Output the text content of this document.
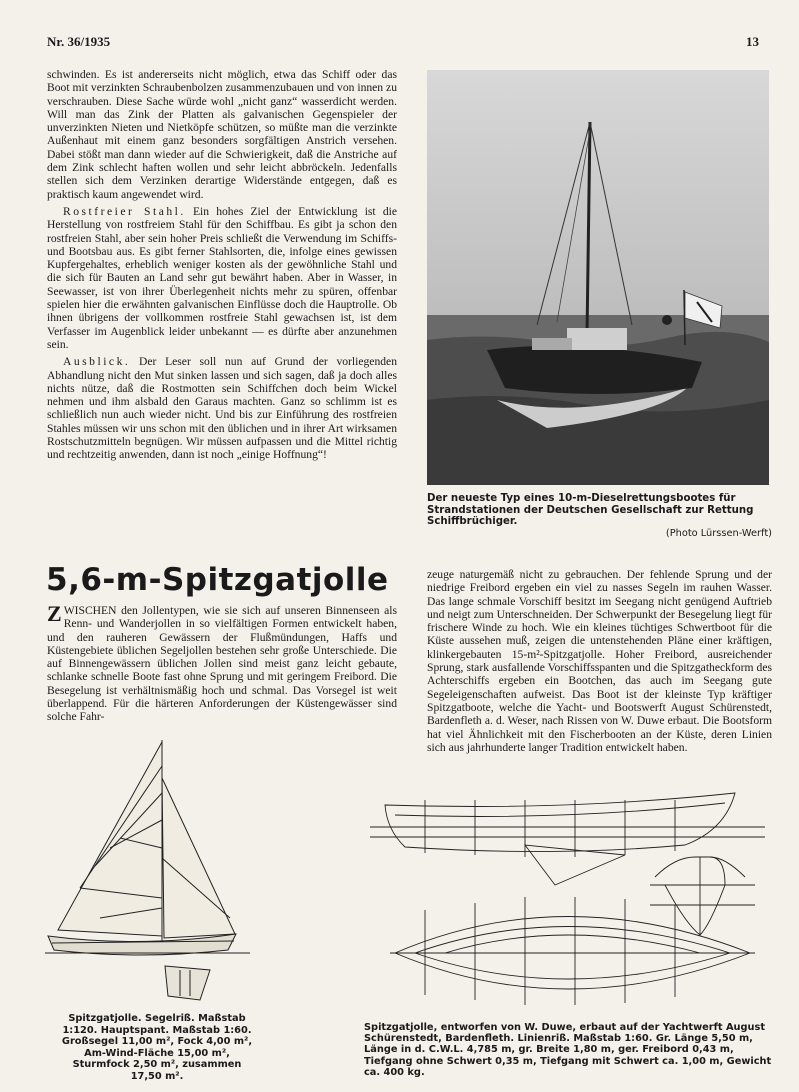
Nr. 36/1935	13

schwinden. Es ist andererseits nicht möglich, etwa das Schiff oder das Boot mit verzinkten Schraubenbolzen zusammenzubauen und von innen zu verschrauben. Diese Sache würde wohl „nicht ganz“ wasserdicht werden. Will man das Zink der Platten als galvanischen Gegenspieler der unverzinkten Nieten und Nietköpfe schützen, so müßte man die verzinkte Außenhaut mit einem ganz besonders sorgfältigen Anstrich versehen. Dabei stößt man dann wieder auf die Schwierigkeit, daß die Anstriche auf dem Zink schlecht haften wollen und sehr leicht abbröckeln. Jedenfalls stellen sich dem Verzinken derartige Widerstände entgegen, daß es praktisch kaum angewendet wird.

Rostfreier Stahl. Ein hohes Ziel der Entwicklung ist die Herstellung von rostfreiem Stahl für den Schiffbau. Es gibt ja schon den rostfreien Stahl, aber sein hoher Preis schließt die Verwendung im Schiffs- und Bootsbau aus. Es gibt ferner Stahlsorten, die, infolge eines gewissen Kupfergehaltes, erheblich weniger kosten als der gewöhnliche Stahl und die sich für Bauten an Land sehr gut bewährt haben. Aber in Wasser, in Seewasser, ist von ihrer Überlegenheit nichts mehr zu spüren, offenbar spielen hier die erwähnten galvanischen Einflüsse doch die Hauptrolle. Ob ihnen übrigens der vollkommen rostfreie Stahl gewachsen ist, ist dem Verfasser im Augenblick leider unbekannt — es dürfte aber anzunehmen sein.

Ausblick. Der Leser soll nun auf Grund der vorliegenden Abhandlung nicht den Mut sinken lassen und sich sagen, daß ja doch alles nichts nütze, daß die Rostmotten sein Schiffchen doch beim Wickel nehmen und ihm alsbald den Garaus machten. Ganz so schlimm ist es schließlich nun auch wieder nicht. Und bis zur Einführung des rostfreien Stahles müssen wir uns schon mit den üblichen und in ihrer Art wirksamen Rostschutzmitteln begnügen. Wir müssen aufpassen und die Mittel richtig und rechtzeitig anwenden, dann ist noch „einige Hoffnung“!

Der neueste Typ eines 10-m-Dieselrettungsbootes für Strandstationen der Deutschen Gesellschaft zur Rettung Schiffbrüchiger.
(Photo Lürssen-Werft)
5,6-m-Spitzgatjolle
ZWISCHEN den Jollentypen, wie sie sich auf unseren Binnenseen als Renn- und Wanderjollen in so vielfältigen Formen entwickelt haben, und den rauheren Gewässern der Flußmündungen, Haffs und Küstengebiete üblichen Segeljollen bestehen sehr große Unterschiede. Die auf Binnengewässern üblichen Jollen sind meist ganz leicht gebaute, schlanke schnelle Boote fast ohne Sprung und mit geringem Freibord. Die Besegelung ist verhältnismäßig hoch und schmal. Das Vorsegel ist weit überlappend. Für die härteren Anforderungen der Küstengewässer sind solche Fahr-
zeuge naturgemäß nicht zu gebrauchen. Der fehlende Sprung und der niedrige Freibord ergeben ein viel zu nasses Segeln im rauhen Wasser. Das lange schmale Vorschiff besitzt im Seegang nicht genügend Auftrieb und neigt zum Unterschneiden. Der Schwerpunkt der Besegelung liegt für frischere Winde zu hoch. Wie ein kleines tüchtiges Schwertboot für die Küste aussehen muß, zeigen die untenstehenden Pläne einer kräftigen, klinkergebauten 15-m²-Spitzgatjolle. Hoher Freibord, ausreichender Sprung, stark ausfallende Vorschiffsspanten und die Spitzgatheckform des Achterschiffs ergeben ein Bootchen, das auch im Seegang gute Segeleigenschaften aufweist. Das Boot ist der kleinste Typ kräftiger Spitzgatboote, welche die Yacht- und Bootswerft August Schürenstedt, Bardenfleth a. d. Weser, nach Rissen von W. Duwe erbaut. Die Bootsform hat viel Ähnlichkeit mit den Fischerbooten an der Küste, deren Linien sich aus jahrhunderte langer Tradition entwickelt haben.
Spitzgatjolle. Segelriß. Maßstab 1:120. Hauptspant. Maßstab 1:60. Großsegel 11,00 m², Fock 4,00 m², Am-Wind-Fläche 15,00 m², Sturmfock 2,50 m², zusammen 17,50 m².
Spitzgatjolle, entworfen von W. Duwe, erbaut auf der Yachtwerft August Schürenstedt, Bardenfleth. Linienriß. Maßstab 1:60. Gr. Länge 5,50 m, Länge in d. C.W.L. 4,785 m, gr. Breite 1,80 m, ger. Freibord 0,43 m, Tiefgang ohne Schwert 0,35 m, Tiefgang mit Schwert ca. 1,00 m, Gewicht ca. 400 kg.
